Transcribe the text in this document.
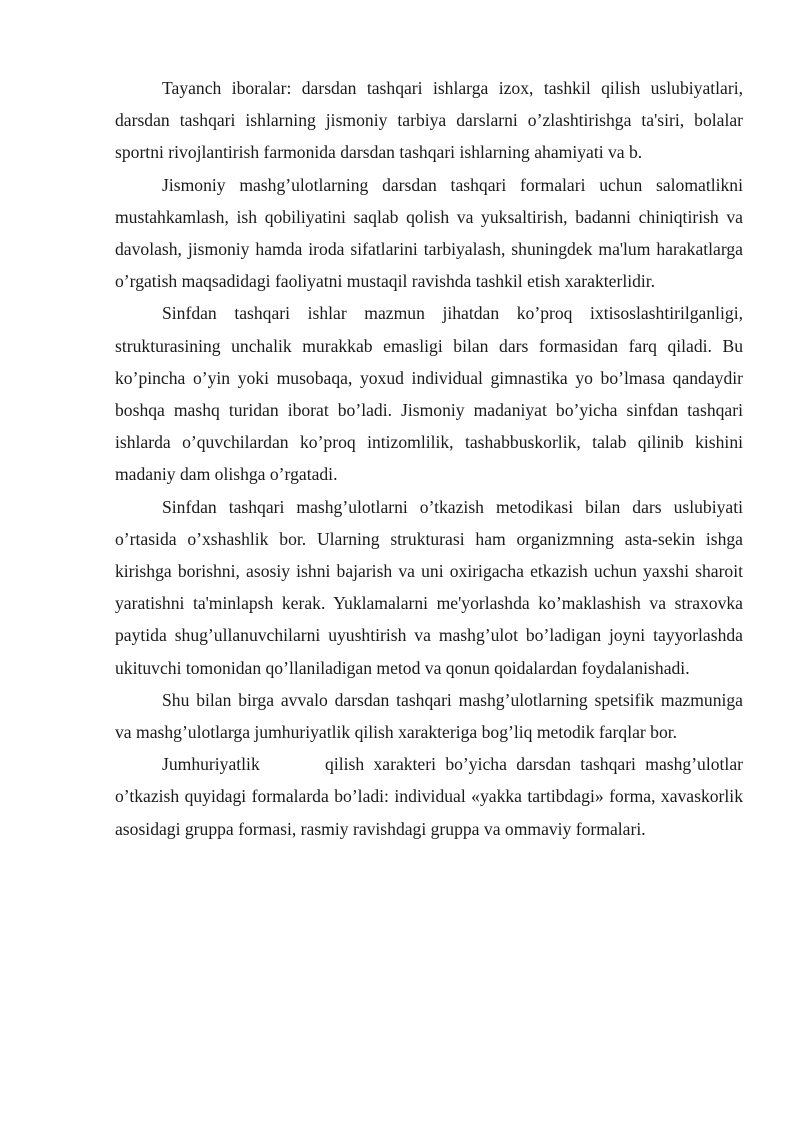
Tayanch iboralar: darsdan tashqari ishlarga izox, tashkil qilish uslubiyatlari, darsdan tashqari ishlarning jismoniy tarbiya darslarni o’zlashtirishga ta'siri, bolalar sportni rivojlantirish farmonida darsdan tashqari ishlarning ahamiyati va b.

Jismoniy mashg’ulotlarning darsdan tashqari formalari uchun salomatlikni mustahkamlash, ish qobiliyatini saqlab qolish va yuksaltirish, badanni chiniqtirish va davolash, jismoniy hamda iroda sifatlarini tarbiyalash, shuningdek ma'lum harakatlarga o’rgatish maqsadidagi faoliyatni mustaqil ravishda tashkil etish xarakterlidir.

Sinfdan tashqari ishlar mazmun jihatdan ko’proq ixtisoslashtirilganligi, strukturasining unchalik murakkab emasligi bilan dars formasidan farq qiladi. Bu ko’pincha o’yin yoki musobaqa, yoxud individual gimnastika yo bo’lmasa qandaydir boshqa mashq turidan iborat bo’ladi. Jismoniy madaniyat bo’yicha sinfdan tashqari ishlarda o’quvchilardan ko’proq intizomlilik, tashabbuskorlik, talab qilinib kishini madaniy dam olishga o’rgatadi.

Sinfdan tashqari mashg’ulotlarni o’tkazish metodikasi bilan dars uslubiyati o’rtasida o’xshashlik bor. Ularning strukturasi ham organizmning asta-sekin ishga kirishga borishni, asosiy ishni bajarish va uni oxirigacha etkazish uchun yaxshi sharoit yaratishni ta'minlapsh kerak. Yuklamalarni me'yorlashda ko’maklashish va straxovka paytida shug’ullanuvchilarni uyushtirish va mashg’ulot bo’ladigan joyni tayyorlashda ukituvchi tomonidan qo’llaniladigan metod va qonun qoidalardan foydalanishadi.

Shu bilan birga avvalo darsdan tashqari mashg’ulotlarning spetsifik mazmuniga va mashg’ulotlarga jumhuriyatlik qilish xarakteriga bog’liq metodik farqlar bor.

Jumhuriyatlik       qilish xarakteri bo’yicha darsdan tashqari mashg’ulotlar o’tkazish quyidagi formalarda bo’ladi: individual «yakka tartibdagi» forma, xavaskorlik asosidagi gruppa formasi, rasmiy ravishdagi gruppa va ommaviy formalari.
